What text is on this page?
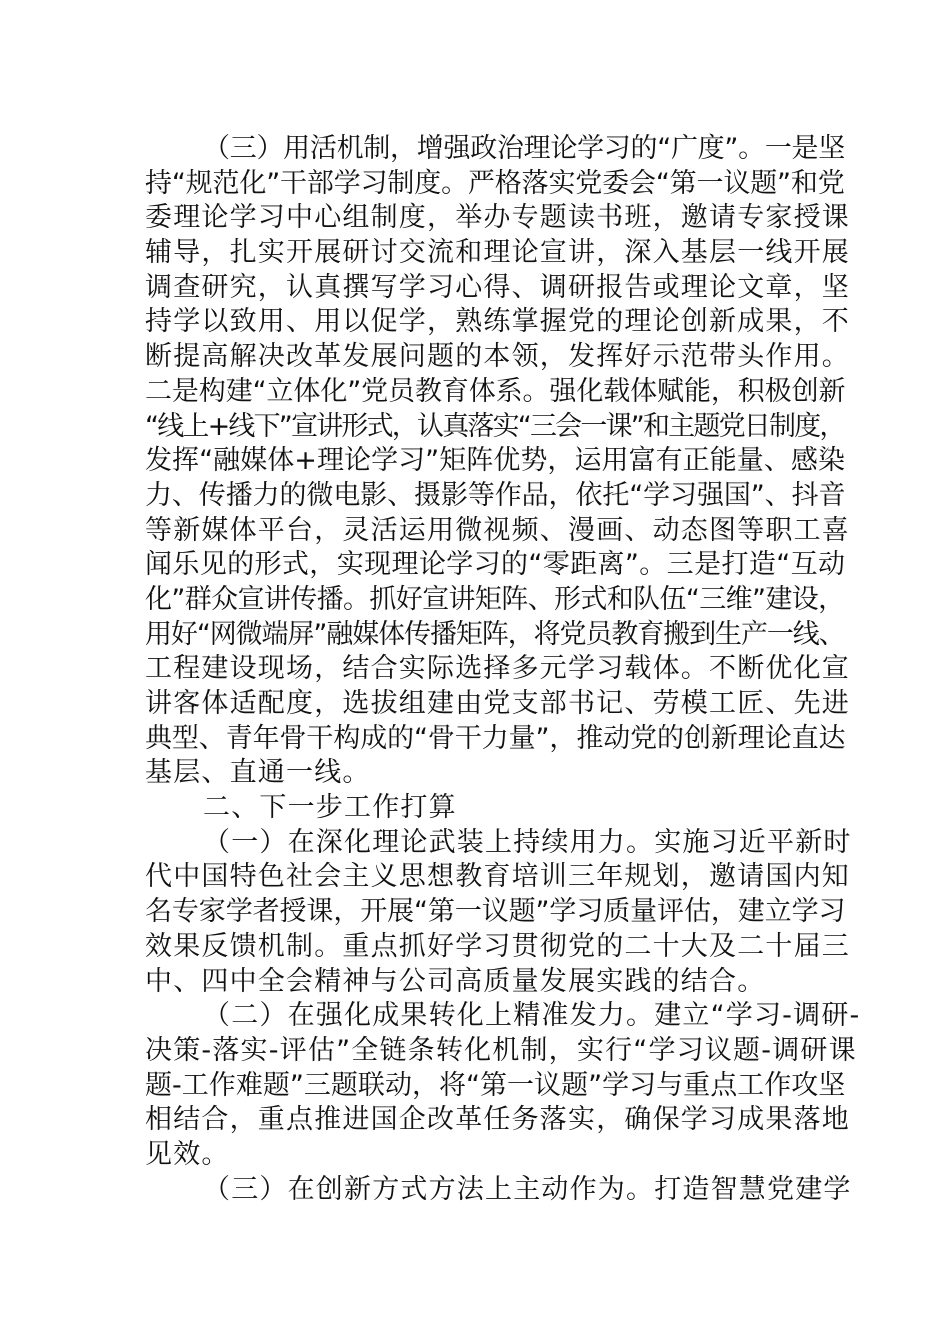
（三）用活机制，增强政治理论学习的“广度”。一是坚
持“规范化”干部学习制度。严格落实党委会“第一议题”和党
委理论学习中心组制度，举办专题读书班，邀请专家授课
辅导，扎实开展研讨交流和理论宣讲，深入基层一线开展
调查研究，认真撰写学习心得、调研报告或理论文章，坚
持学以致用、用以促学，熟练掌握党的理论创新成果，不
断提高解决改革发展问题的本领，发挥好示范带头作用。
二是构建“立体化”党员教育体系。强化载体赋能，积极创新
“线上+线下”宣讲形式，认真落实“三会一课”和主题党日制度，
发挥“融媒体+理论学习”矩阵优势，运用富有正能量、感染
力、传播力的微电影、摄影等作品，依托“学习强国”、抖音
等新媒体平台，灵活运用微视频、漫画、动态图等职工喜
闻乐见的形式，实现理论学习的“零距离”。三是打造“互动
化”群众宣讲传播。抓好宣讲矩阵、形式和队伍“三维”建设，
用好“网微端屏”融媒体传播矩阵，将党员教育搬到生产一线、
工程建设现场，结合实际选择多元学习载体。不断优化宣
讲客体适配度，选拔组建由党支部书记、劳模工匠、先进
典型、青年骨干构成的“骨干力量”，推动党的创新理论直达
基层、直通一线。
二、下一步工作打算
（一）在深化理论武装上持续用力。实施习近平新时
代中国特色社会主义思想教育培训三年规划，邀请国内知
名专家学者授课，开展“第一议题”学习质量评估，建立学习
效果反馈机制。重点抓好学习贯彻党的二十大及二十届三
中、四中全会精神与公司高质量发展实践的结合。
（二）在强化成果转化上精准发力。建立“学习-调研-
决策-落实-评估”全链条转化机制，实行“学习议题-调研课
题-工作难题”三题联动，将“第一议题”学习与重点工作攻坚
相结合，重点推进国企改革任务落实，确保学习成果落地
见效。
（三）在创新方式方法上主动作为。打造智慧党建学
